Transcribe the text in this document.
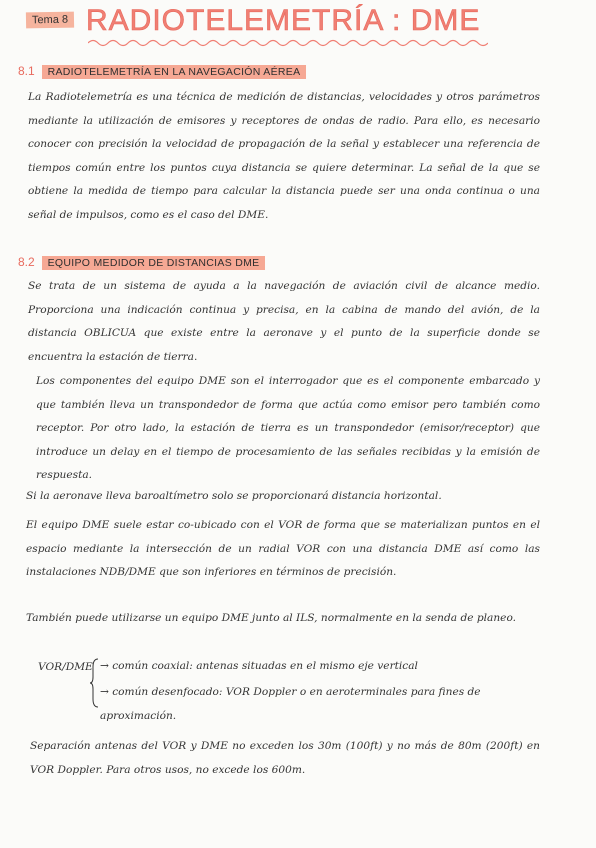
Tema 8 RADIOTELEMETRÍA : DME
8.1 RADIOTELEMETRÍA EN LA NAVEGACIÓN AÉREA

La Radiotelemetría es una técnica de medición de distancias, velocidades y otros parámetros mediante la utilización de emisores y receptores de ondas de radio. Para ello, es necesario conocer con precisión la velocidad de propagación de la señal y establecer una referencia de tiempos común entre los puntos cuya distancia se quiere determinar. La señal de la que se obtiene la medida de tiempo para calcular la distancia puede ser una onda continua o una señal de impulsos, como es el caso del DME.

8.2 EQUIPO MEDIDOR DE DISTANCIAS DME

Se trata de un sistema de ayuda a la navegación de aviación civil de alcance medio. Proporciona una indicación continua y precisa, en la cabina de mando del avión, de la distancia OBLICUA que existe entre la aeronave y el punto de la superficie donde se encuentra la estación de tierra.

Los componentes del equipo DME son el interrogador que es el componente embarcado y que también lleva un transpondedor de forma que actúa como emisor pero también como receptor. Por otro lado, la estación de tierra es un transpondedor (emisor/receptor) que introduce un delay en el tiempo de procesamiento de las señales recibidas y la emisión de respuesta.

Si la aeronave lleva baroaltímetro solo se proporcionará distancia horizontal.

El equipo DME suele estar co-ubicado con el VOR de forma que se materializan puntos en el espacio mediante la intersección de un radial VOR con una distancia DME así como las instalaciones NDB/DME que son inferiores en términos de precisión.

También puede utilizarse un equipo DME junto al ILS, normalmente en la senda de planeo.

VOR/DME → común coaxial: antenas situadas en el mismo eje vertical
→ común desenfocado: VOR Doppler o en aeroterminales para fines de aproximación.

Separación antenas del VOR y DME no exceden los 30m (100ft) y no más de 80m (200ft) en VOR Doppler. Para otros usos, no excede los 600m.
